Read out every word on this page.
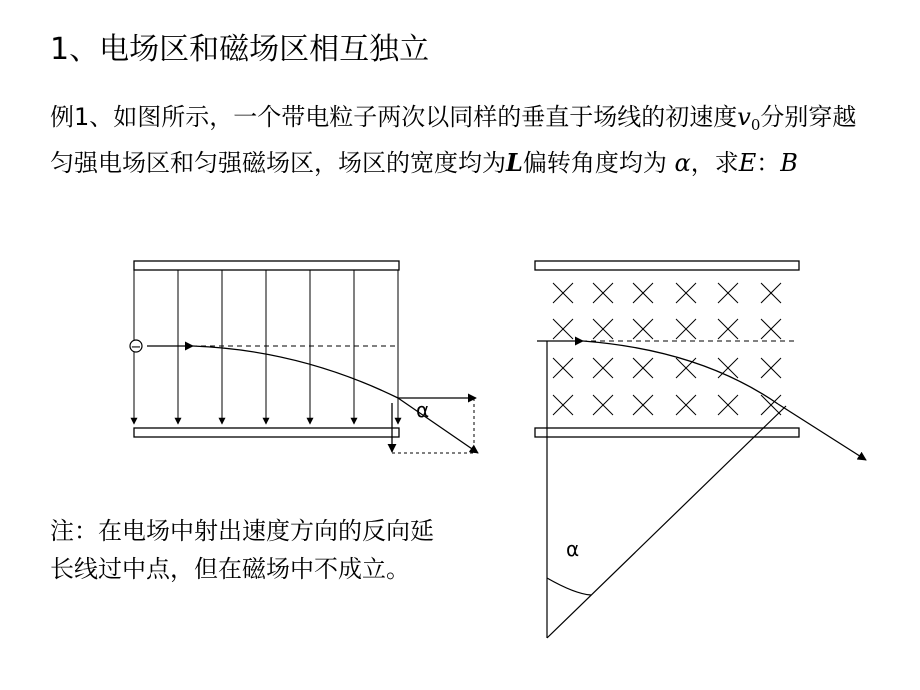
1、电场区和磁场区相互独立
例1、如图所示，一个带电粒子两次以同样的垂直于场线的初速度$v_0$分别穿越匀强电场区和匀强磁场区，场区的宽度均为L偏转角度均为 α，求E：B
−
α
α
注：在电场中射出速度方向的反向延长线过中点，但在磁场中不成立。
